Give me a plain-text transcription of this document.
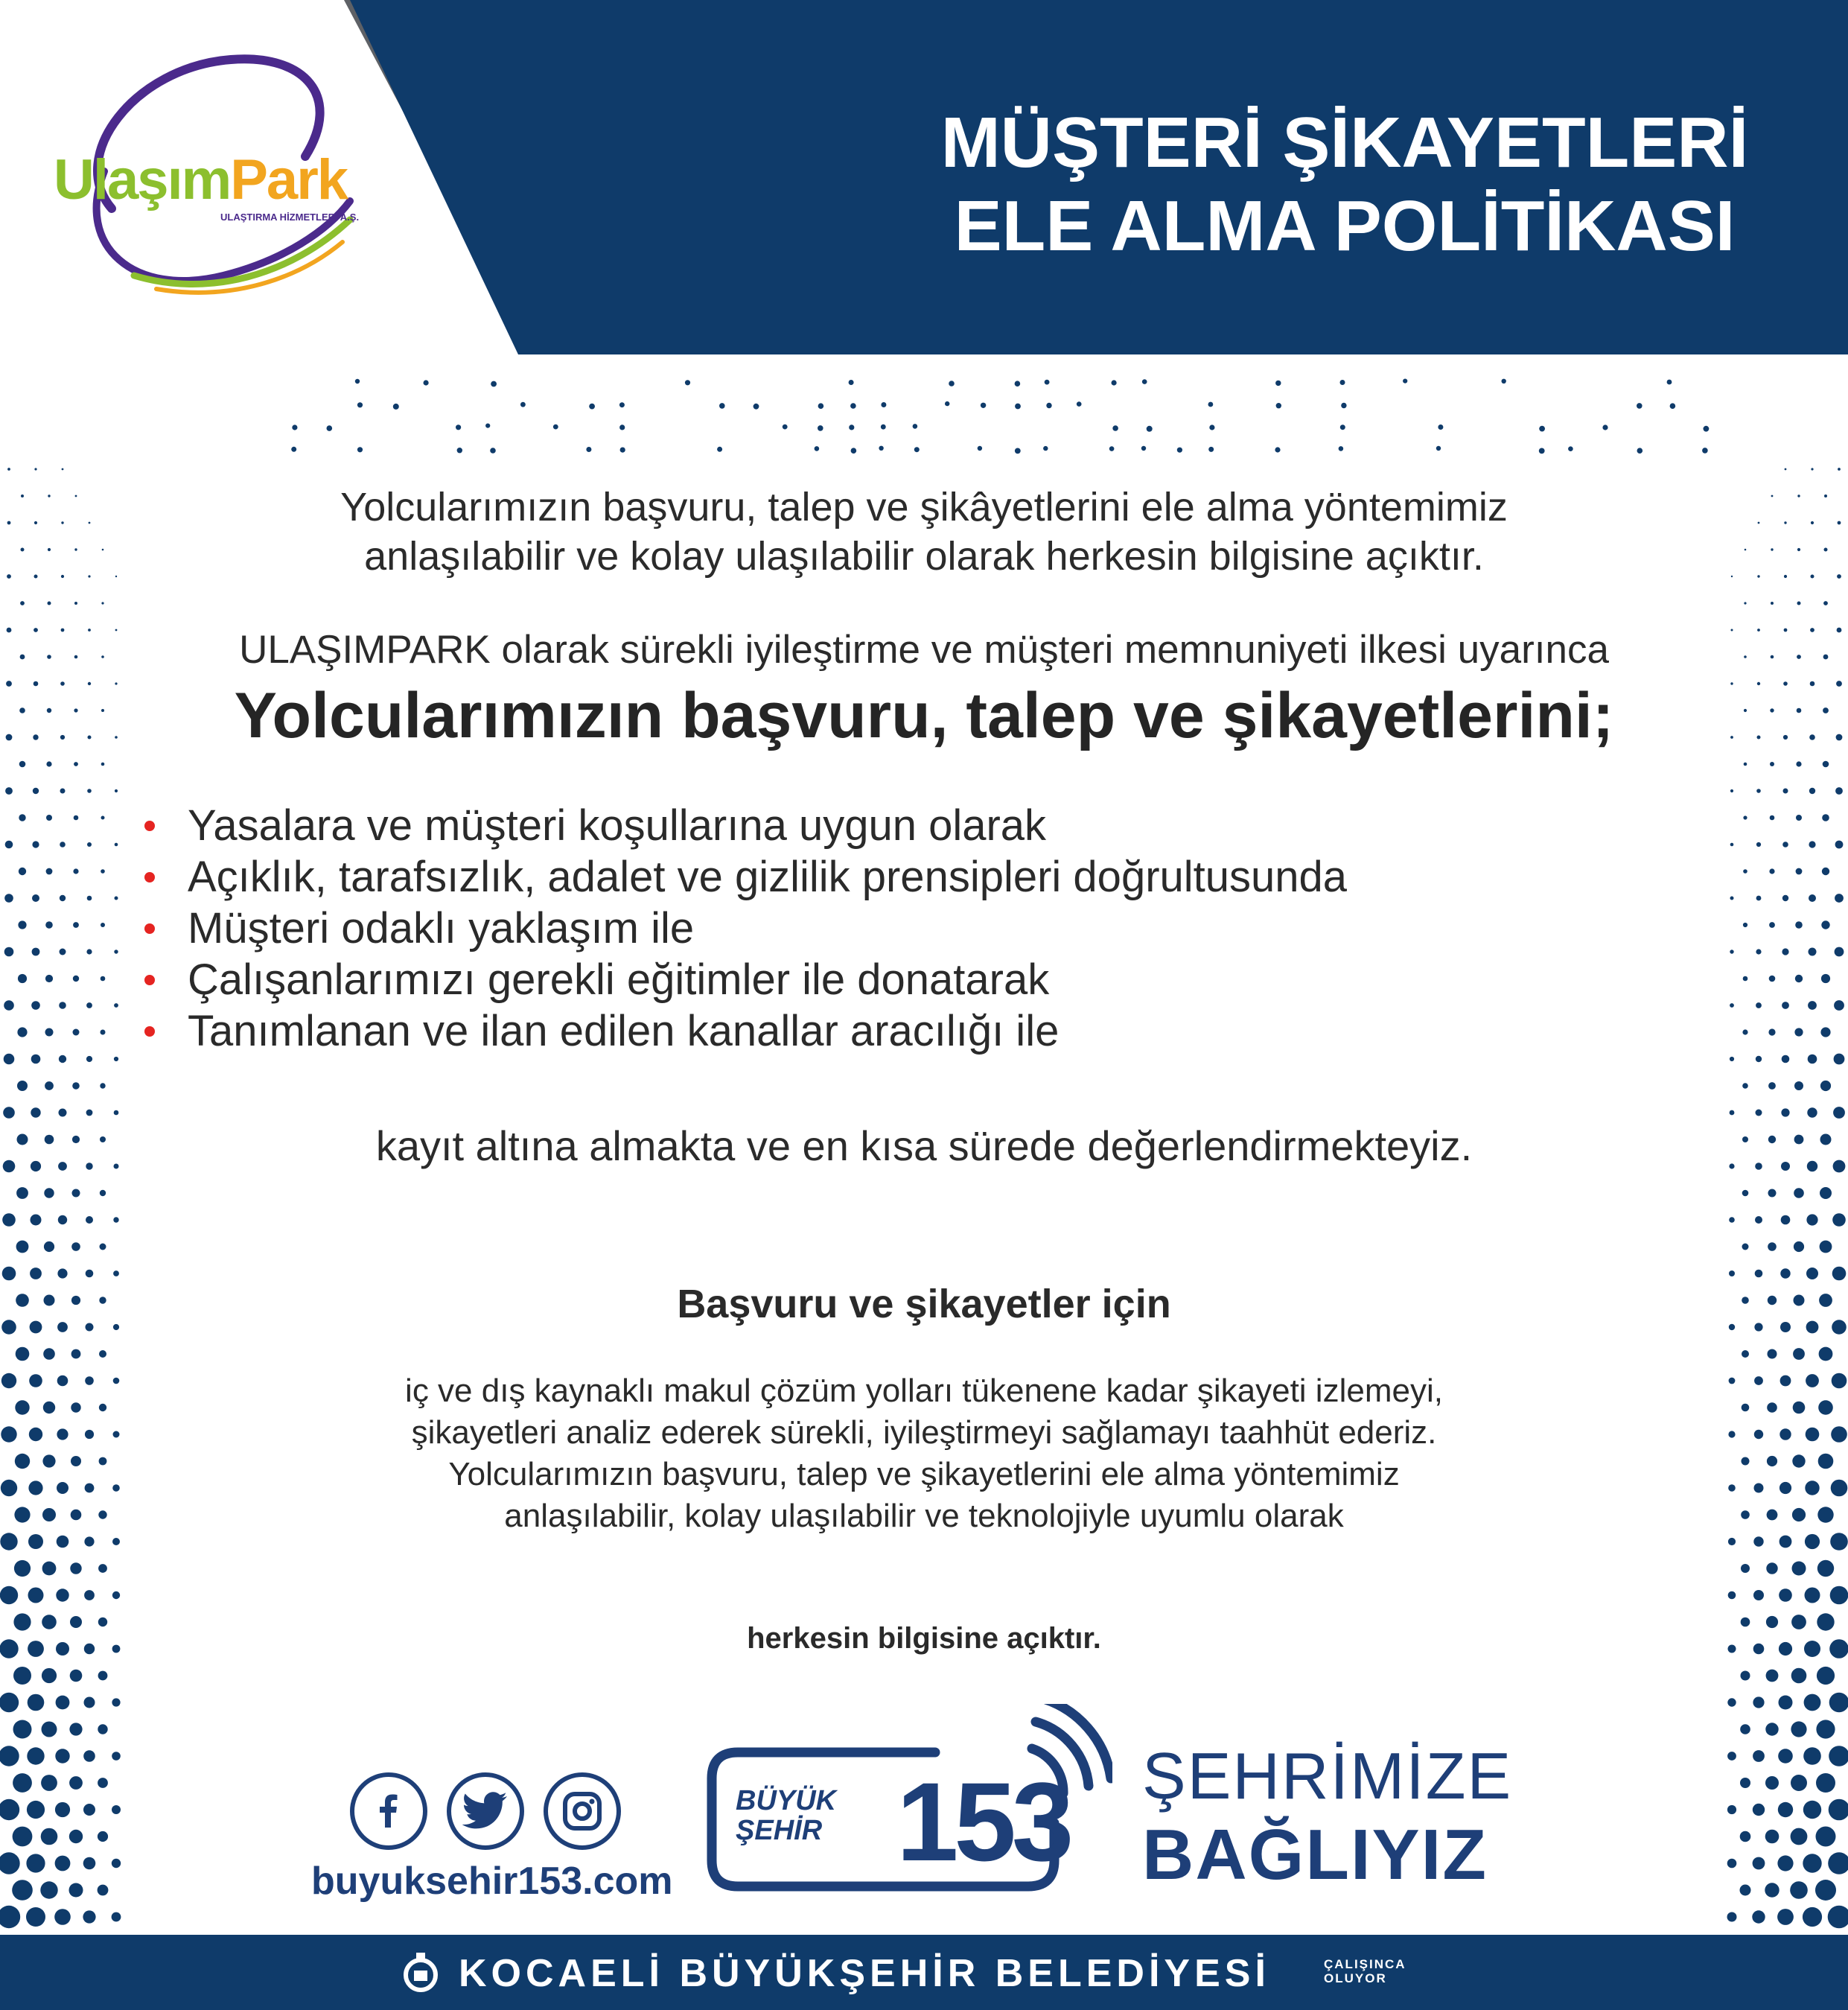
UlaşımPark
ULAŞTIRMA HİZMETLERİ A.Ş.
MÜŞTERİ ŞİKAYETLERİ
ELE ALMA POLİTİKASI
Yolcularımızın başvuru, talep ve şikâyetlerini ele alma yöntemimiz
anlaşılabilir ve kolay ulaşılabilir olarak herkesin bilgisine açıktır.
ULAŞIMPARK olarak sürekli iyileştirme ve müşteri memnuniyeti ilkesi uyarınca
Yolcularımızın başvuru, talep ve şikayetlerini;
Yasalara ve müşteri koşullarına uygun olarak
Açıklık, tarafsızlık, adalet ve gizlilik prensipleri doğrultusunda
Müşteri odaklı yaklaşım ile
Çalışanlarımızı gerekli eğitimler ile donatarak
Tanımlanan ve ilan edilen kanallar aracılığı ile
kayıt altına almakta ve en kısa sürede değerlendirmekteyiz.
Başvuru ve şikayetler için
iç ve dış kaynaklı makul çözüm yolları tükenene kadar şikayeti izlemeyi,
şikayetleri analiz ederek sürekli, iyileştirmeyi sağlamayı taahhüt ederiz.
Yolcularımızın başvuru, talep ve şikayetlerini ele alma yöntemimiz
anlaşılabilir, kolay ulaşılabilir ve teknolojiyle uyumlu olarak
herkesin bilgisine açıktır.
buyuksehir153.com
BÜYÜK
ŞEHİR 153 ŞEHRİMİZE
BAĞLIYIZ
KOCAELİ BÜYÜKŞEHİR BELEDİYESİ	ÇALIŞINCA
OLUYOR
